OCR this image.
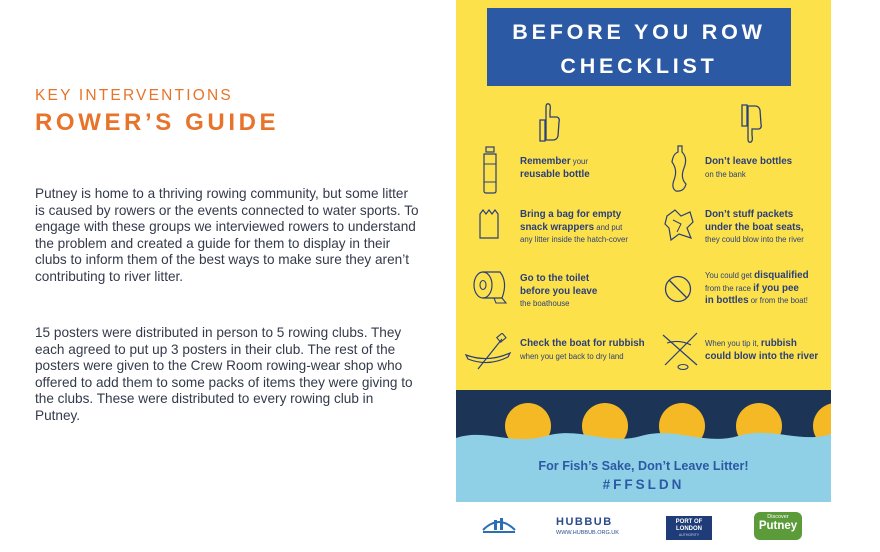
KEY INTERVENTIONS
ROWER’S GUIDE

Putney is home to a thriving rowing community, but some litter is caused by rowers or the events connected to water sports. To engage with these groups we interviewed rowers to understand the problem and created a guide for them to display in their clubs to inform them of the best ways to make sure they aren’t contributing to river litter.

15 posters were distributed in person to 5 rowing clubs. They each agreed to put up 3 posters in their club. The rest of the posters were given to the Crew Room rowing-wear shop who offered to add them to some packs of items they were giving to the clubs. These were distributed to every rowing club in Putney.

BEFORE YOU ROW
CHECKLIST
Remember your
reusable bottle
Don’t leave bottles
on the bank
Bring a bag for empty
snack wrappers and put
any litter inside the hatch-cover
Don’t stuff packets
under the boat seats,
they could blow into the river
Go to the toilet
before you leave
the boathouse
You could get disqualified
from the race if you pee
in bottles or from the boat!
Check the boat for rubbish
when you get back to dry land
When you tip it, rubbish
could blow into the river
For Fish’s Sake, Don’t Leave Litter!
#FFSLDN
HUBBUB
WWW.HUBBUB.ORG.UK
PORT OF
LONDON
AUTHORITY
Discover
Putney
